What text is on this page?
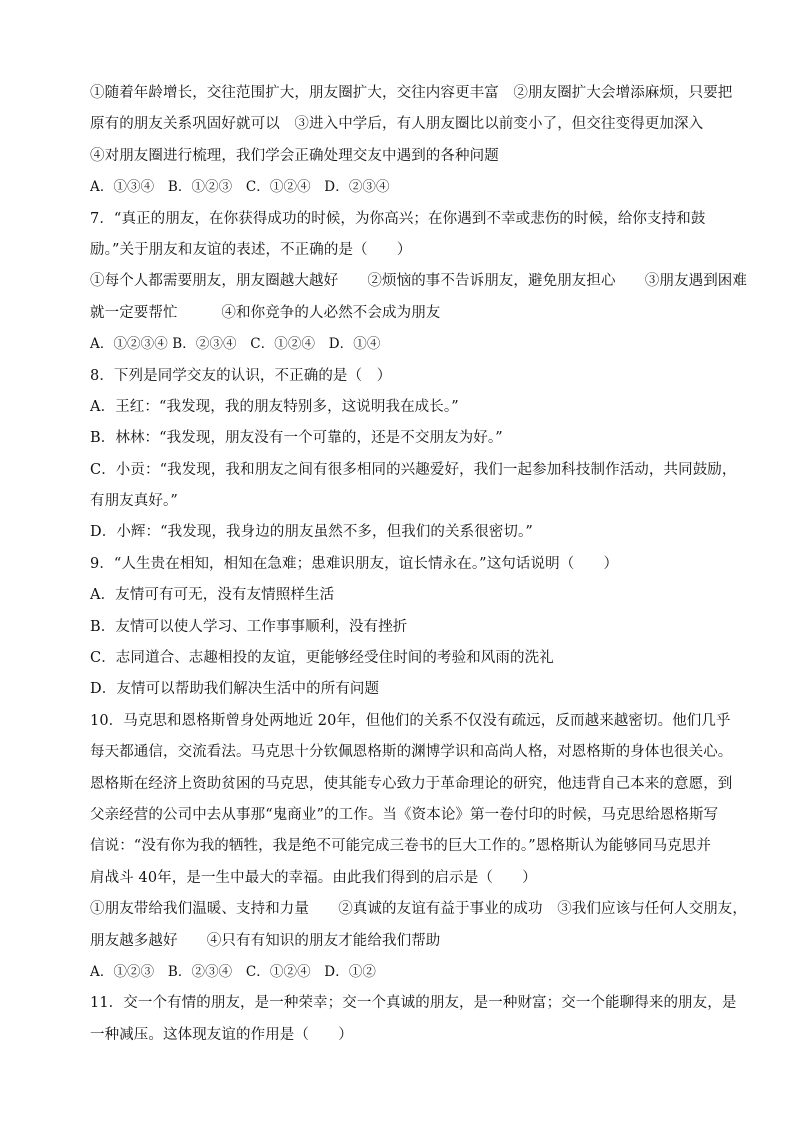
①随着年龄增长，交往范围扩大，朋友圈扩大，交往内容更丰富　②朋友圈扩大会增添麻烦，只要把
原有的朋友关系巩固好就可以　③进入中学后，有人朋友圈比以前变小了，但交往变得更加深入
④对朋友圈进行梳理，我们学会正确处理交友中遇到的各种问题
A．①③④　B．①②③　C．①②④　D．②③④
7．“真正的朋友，在你获得成功的时候，为你高兴；在你遇到不幸或悲伤的时候，给你支持和鼓
励。”关于朋友和友谊的表述，不正确的是（　　）
①每个人都需要朋友，朋友圈越大越好　　②烦恼的事不告诉朋友，避免朋友担心　　③朋友遇到困难
就一定要帮忙　　　④和你竞争的人必然不会成为朋友
A．①②③④ B．②③④　C．①②④　D．①④
8．下列是同学交友的认识，不正确的是（　）
A．王红：“我发现，我的朋友特别多，这说明我在成长。”
B．林林：“我发现，朋友没有一个可靠的，还是不交朋友为好。”
C．小贡：“我发现，我和朋友之间有很多相同的兴趣爱好，我们一起参加科技制作活动，共同鼓励，
有朋友真好。”
D．小辉：“我发现，我身边的朋友虽然不多，但我们的关系很密切。”
9．“人生贵在相知，相知在急难；患难识朋友，谊长情永在。”这句话说明（　　）
A．友情可有可无，没有友情照样生活
B．友情可以使人学习、工作事事顺利，没有挫折
C．志同道合、志趣相投的友谊，更能够经受住时间的考验和风雨的洗礼
D．友情可以帮助我们解决生活中的所有问题
10．马克思和恩格斯曾身处两地近 20年，但他们的关系不仅没有疏远，反而越来越密切。他们几乎
每天都通信，交流看法。马克思十分钦佩恩格斯的渊博学识和高尚人格，对恩格斯的身体也很关心。
恩格斯在经济上资助贫困的马克思，使其能专心致力于革命理论的研究，他违背自己本来的意愿，到
父亲经营的公司中去从事那“鬼商业”的工作。当《资本论》第一卷付印的时候，马克思给恩格斯写
信说：“没有你为我的牺牲，我是绝不可能完成三卷书的巨大工作的。”恩格斯认为能够同马克思并
肩战斗 40年，是一生中最大的幸福。由此我们得到的启示是（　　）
①朋友带给我们温暖、支持和力量　　②真诚的友谊有益于事业的成功　③我们应该与任何人交朋友，
朋友越多越好　　④只有有知识的朋友才能给我们帮助
A．①②③　B．②③④　C．①②④　D．①②
11．交一个有情的朋友，是一种荣幸；交一个真诚的朋友，是一种财富；交一个能聊得来的朋友，是
一种减压。这体现友谊的作用是（　　）
